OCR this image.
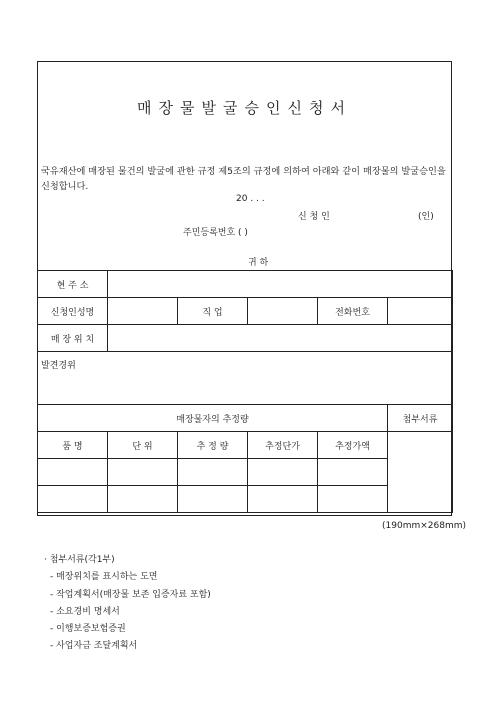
매장물발굴승인신청서
국유재산에 매장된 물건의 발굴에 관한 규정 제5조의 규정에 의하여 아래와 같이 매장물의 발굴승인을 신청합니다.
20 . . .
신 청 인	(인)
주민등록번호 ( )
귀 하
현 주 소					
신청인성명		직 업		전화번호	
매 장 위 치					
발견경위					
매장물자의 추정량					첨부서류
품 명	단 위	추 정 량	추정단가	추정가액	

(190mm×268mm)
· 첨부서류(각1부)
- 매장위치를 표시하는 도면
- 작업계획서(매장물 보존 입증자료 포함)
- 소요경비 명세서
- 이행보증보험증권
- 사업자금 조달계획서
